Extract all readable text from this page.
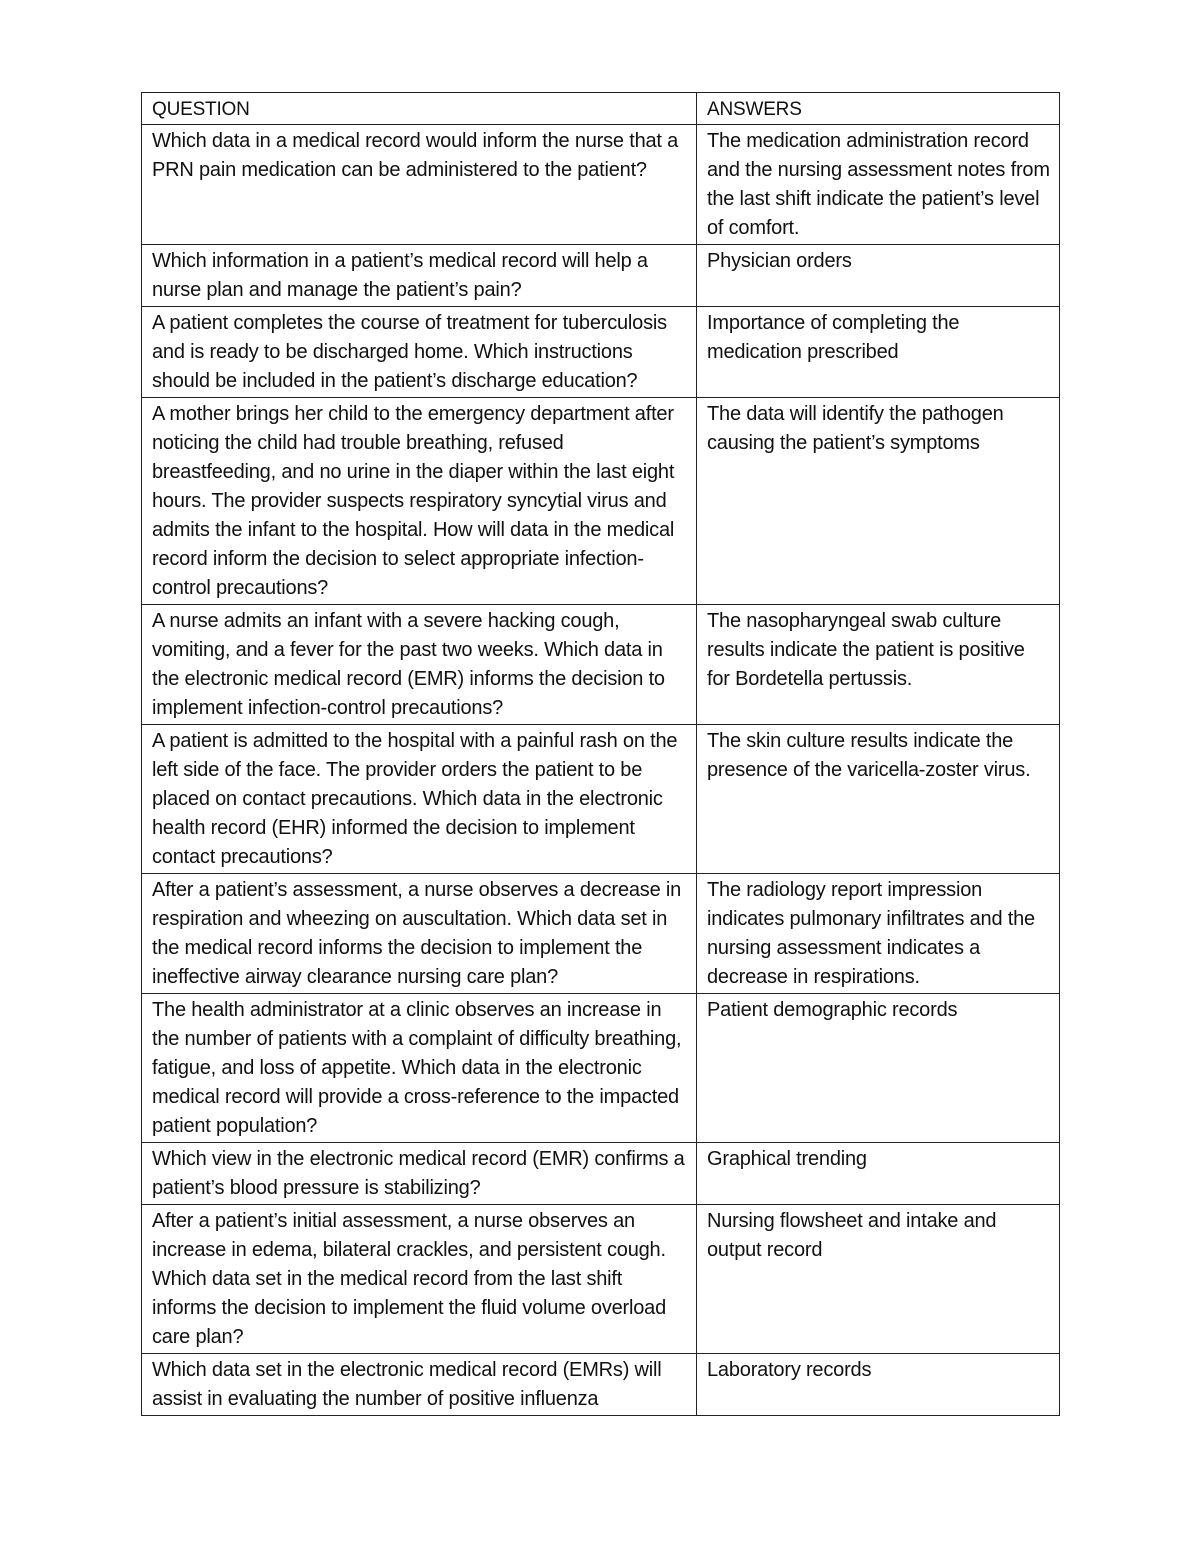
QUESTION	ANSWERS
Which data in a medical record would inform the nurse that a PRN pain medication can be administered to the patient?	The medication administration record and the nursing assessment notes from the last shift indicate the patient’s level of comfort.
Which information in a patient’s medical record will help a nurse plan and manage the patient’s pain?	Physician orders
A patient completes the course of treatment for tuberculosis and is ready to be discharged home. Which instructions should be included in the patient’s discharge education?	Importance of completing the medication prescribed
A mother brings her child to the emergency department after noticing the child had trouble breathing, refused breastfeeding, and no urine in the diaper within the last eight hours. The provider suspects respiratory syncytial virus and admits the infant to the hospital. How will data in the medical record inform the decision to select appropriate infection-control precautions?	The data will identify the pathogen causing the patient’s symptoms
A nurse admits an infant with a severe hacking cough, vomiting, and a fever for the past two weeks. Which data in the electronic medical record (EMR) informs the decision to implement infection-control precautions?	The nasopharyngeal swab culture results indicate the patient is positive for Bordetella pertussis.
A patient is admitted to the hospital with a painful rash on the left side of the face. The provider orders the patient to be placed on contact precautions. Which data in the electronic health record (EHR) informed the decision to implement contact precautions?	The skin culture results indicate the presence of the varicella-zoster virus.
After a patient’s assessment, a nurse observes a decrease in respiration and wheezing on auscultation. Which data set in the medical record informs the decision to implement the ineffective airway clearance nursing care plan?	The radiology report impression indicates pulmonary infiltrates and the nursing assessment indicates a decrease in respirations.
The health administrator at a clinic observes an increase in the number of patients with a complaint of difficulty breathing, fatigue, and loss of appetite. Which data in the electronic medical record will provide a cross-reference to the impacted patient population?	Patient demographic records
Which view in the electronic medical record (EMR) confirms a patient’s blood pressure is stabilizing?	Graphical trending
After a patient’s initial assessment, a nurse observes an increase in edema, bilateral crackles, and persistent cough. Which data set in the medical record from the last shift informs the decision to implement the fluid volume overload care plan?	Nursing flowsheet and intake and output record
Which data set in the electronic medical record (EMRs) will assist in evaluating the number of positive influenza	Laboratory records
